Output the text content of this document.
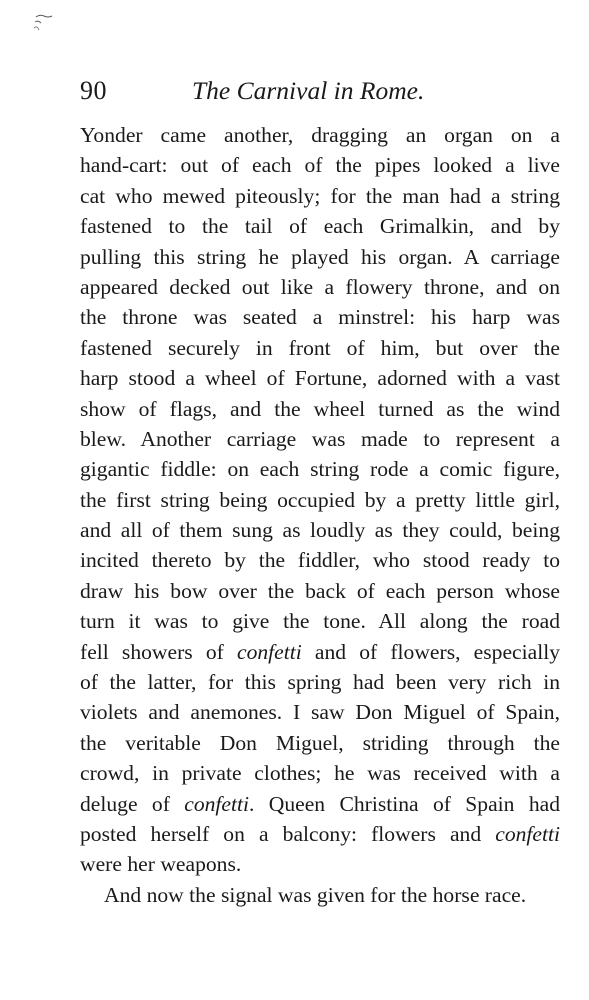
90	The Carnival in Rome.
Yonder came another, dragging an organ on a
hand-cart: out of each of the pipes looked a live
cat who mewed piteously; for the man had a string
fastened to the tail of each Grimalkin, and by
pulling this string he played his organ. A carriage
appeared decked out like a flowery throne, and on
the throne was seated a minstrel: his harp was
fastened securely in front of him, but over the
harp stood a wheel of Fortune, adorned with a vast
show of flags, and the wheel turned as the wind
blew. Another carriage was made to represent a
gigantic fiddle: on each string rode a comic figure,
the first string being occupied by a pretty little girl,
and all of them sung as loudly as they could, being
incited thereto by the fiddler, who stood ready to
draw his bow over the back of each person whose
turn it was to give the tone. All along the road
fell showers of confetti and of flowers, especially
of the latter, for this spring had been very rich in
violets and anemones. I saw Don Miguel of Spain,
the veritable Don Miguel, striding through the
crowd, in private clothes; he was received with a
deluge of confetti. Queen Christina of Spain had
posted herself on a balcony: flowers and confetti
were her weapons.
And now the signal was given for the horse race.
